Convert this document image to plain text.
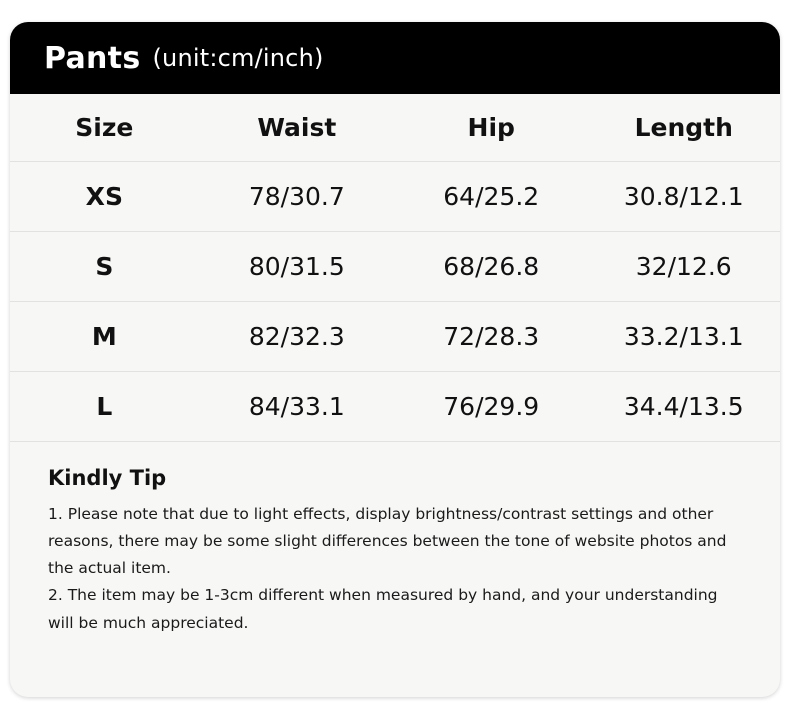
Pants (unit:cm/inch)
Size	Waist	Hip	Length
XS	78/30.7	64/25.2	30.8/12.1
S	80/31.5	68/26.8	32/12.6
M	82/32.3	72/28.3	33.2/13.1
L	84/33.1	76/29.9	34.4/13.5
Kindly Tip
1. Please note that due to light effects, display brightness/contrast settings and other reasons, there may be some slight differences between the tone of website photos and the actual item.
2. The item may be 1-3cm different when measured by hand, and your understanding will be much appreciated.
